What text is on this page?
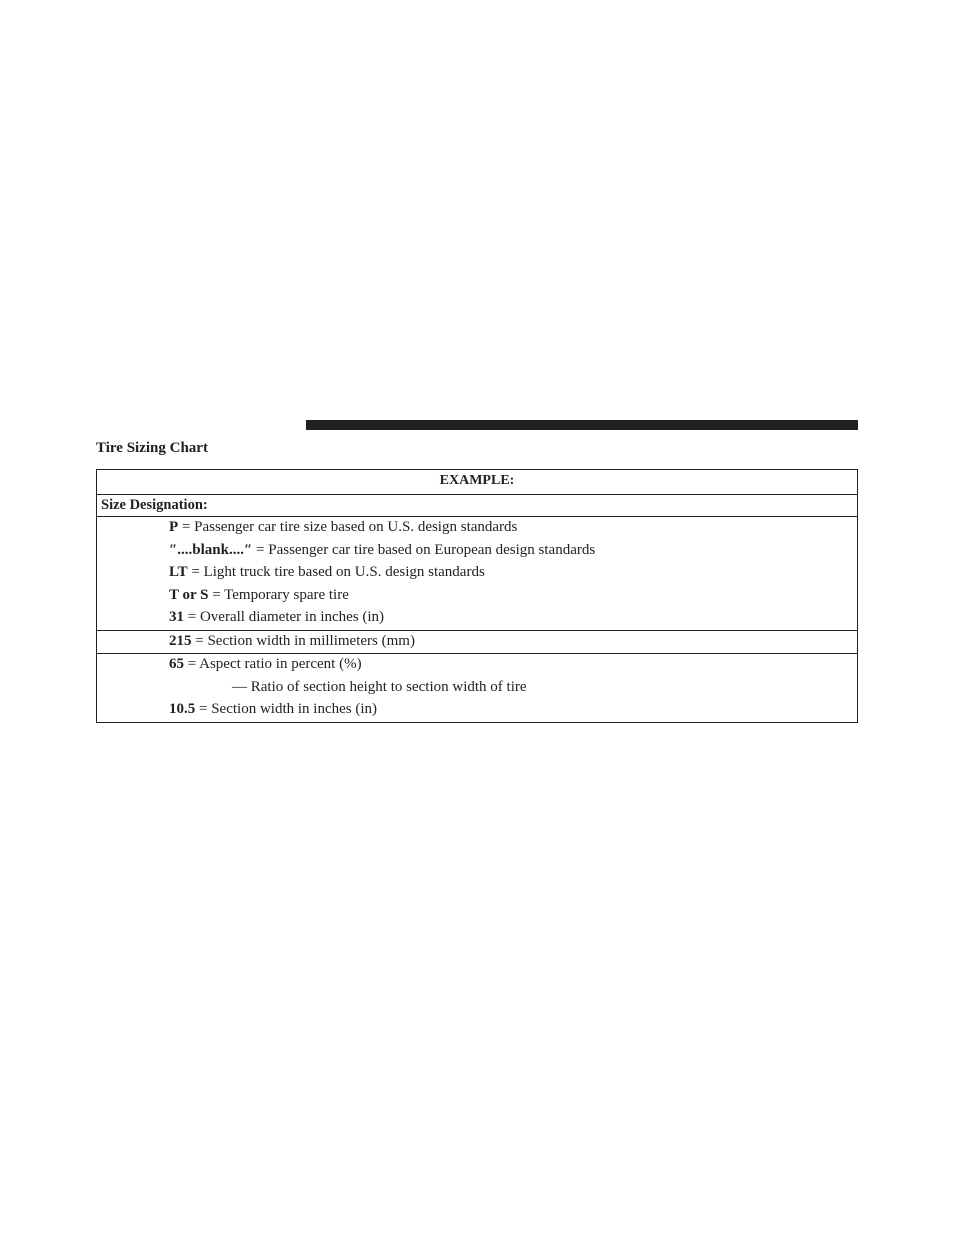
Tire Sizing Chart
EXAMPLE:
Size Designation:

P = Passenger car tire size based on U.S. design standards
″....blank....″ = Passenger car tire based on European design standards
LT = Light truck tire based on U.S. design standards
T or S = Temporary spare tire
31 = Overall diameter in inches (in)

215 = Section width in millimeters (mm)

65 = Aspect ratio in percent (%)
— Ratio of section height to section width of tire
10.5 = Section width in inches (in)
